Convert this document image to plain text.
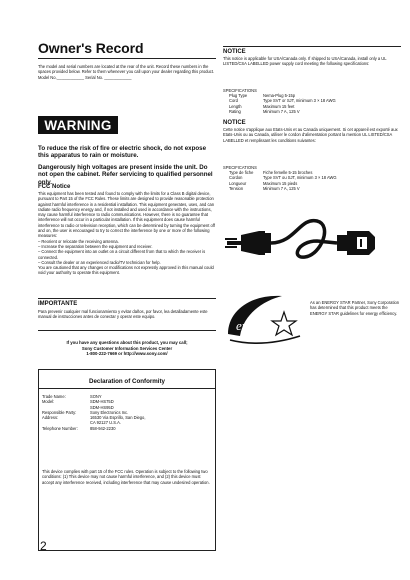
Owner's Record

The model and serial numbers are located at the rear of the unit. Record these numbers in the spaces provided below. Refer to them whenever you call upon your dealer regarding this product. Model No.____________ Serial No. ____________

WARNING

To reduce the risk of fire or electric shock, do not expose this apparatus to rain or moisture.

Dangerously high voltages are present inside the unit. Do not open the cabinet. Refer servicing to qualified personnel only.

FCC Notice

This equipment has been tested and found to comply with the limits for a Class B digital device, pursuant to Part 15 of the FCC Rules. These limits are designed to provide reasonable protection against harmful interference in a residential installation. This equipment generates, uses, and can radiate radio frequency energy and, if not installed and used in accordance with the instructions, may cause harmful interference to radio communications. However, there is no guarantee that interference will not occur in a particular installation. If this equipment does cause harmful interference to radio or television reception, which can be determined by turning the equipment off and on, the user is encouraged to try to correct the interference by one or more of the following measures:

– Reorient or relocate the receiving antenna.

– Increase the separation between the equipment and receiver.

– Connect the equipment into an outlet on a circuit different from that to which the receiver is connected.

– Consult the dealer or an experienced radio/TV technician for help.

You are cautioned that any changes or modifications not expressly approved in this manual could void your authority to operate this equipment.

IMPORTANTE

Para prevenir cualquier mal funcionamiento y evitar daños, por favor, lea detalladamente este manual de instrucciones antes de conectar y operar este equipo.

If you have any questions about this product, you may call;
Sony Customer Information Services Center
1-800-222-7669 or http://www.sony.com/
Declaration of Conformity
Trade Name:	SONY
Model:	SDM-HS75D
	SDM-HS95D
Responsible Party:	Sony Electronics Inc.
Address:	16530 Via Esprillo, San Diego,
	CA 92127 U.S.A.
Telephone Number:	858-942-2230

This device complies with part 15 of the FCC rules. Operation is subject to the following two conditions: (1) This device may not cause harmful interference, and (2) this device must accept any interference received, including interference that may cause undesired operation.

2
NOTICE

This notice is applicable for USA/Canada only. If shipped to USA/Canada, install only a UL LISTED/CSA LABELLED power supply cord meeting the following specifications:

SPECIFICATIONS
Plug Type	Nema-Plug 5-15p
Cord	Type SVT or SJT, minimum 3 × 18 AWG
Length	Maximum 15 feet
Rating	Minimum 7 A, 125 V
NOTICE

Cette notice s'applique aux Etats-Unis et au Canada uniquement. Si cet appareil est exporté aux Etats-Unis ou au Canada, utiliser le cordon d'alimentation portant la mention UL LISTED/CSA LABELLED et remplissant les conditions suivantes:

SPECIFICATIONS
Type de fiche	Fiche femelle 5-15 broches
Cordon	Type SVT ou SJT, minimum 3 × 18 AWG
Longueur	Maximum 15 pieds
Tension	Minimum 7 A, 125 V
energy

As an ENERGY STAR Partner, Sony Corporation has determined that this product meets the ENERGY STAR guidelines for energy efficiency.
